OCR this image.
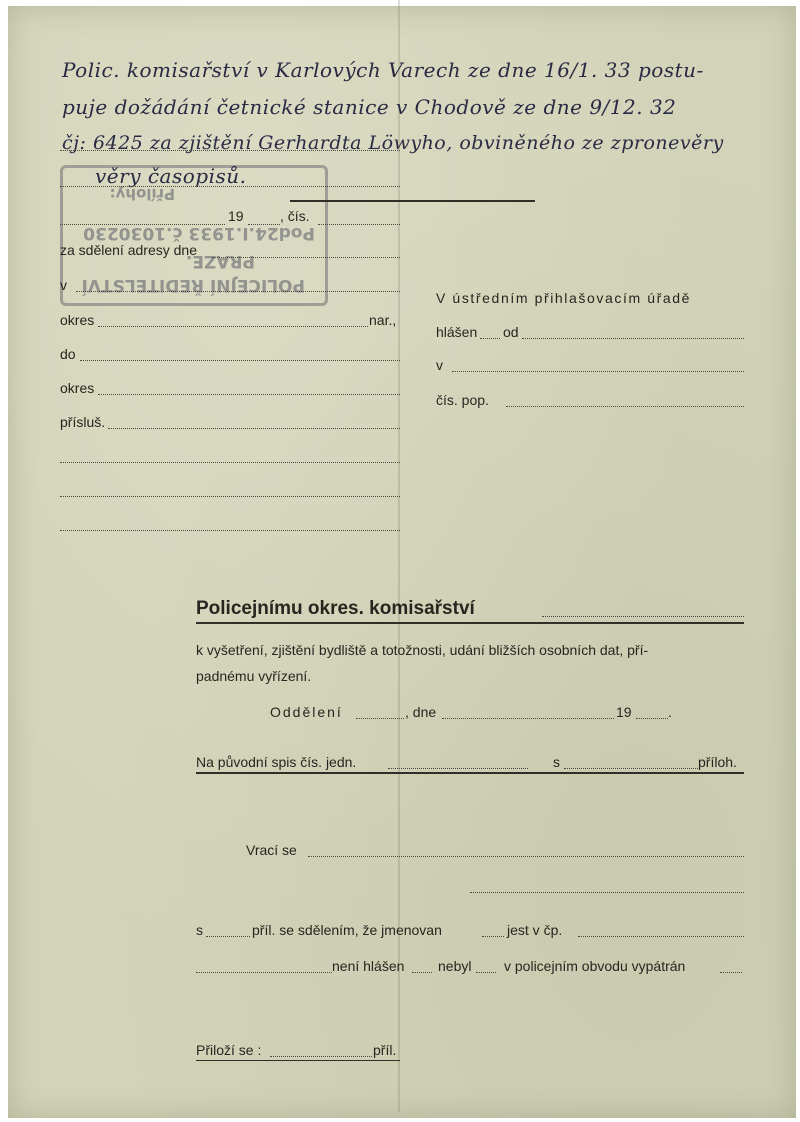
POLICEJNÍ ŘEDITELSTVÍ
PRAZE.
Pod24.I.1933 č.1030230
Přílohy:
Polic. komisařství v Karlových Varech ze dne 16/1. 33 postu-
puje dožádání četnické stanice v Chodově ze dne 9/12. 32
čj: 6425 za zjištění Gerhardta Löwyho, obviněného ze zpronevěry
věry časopisů.
19	, čís.
za sdělení adresy dne
v
okres	nar.,
do
okres
přísluš.
V ústředním přihlašovacím úřadě
hlášen od
v
čís. pop.
Policejnímu okres. komisařství
k vyšetření, zjištění bydliště a totožnosti, udání bližších osobních dat, pří-
padnému vyřízení.
Oddělení	, dne	19	.
Na původní spis čís. jedn.	s	příloh.
Vrací se
s	příl. se sdělením, že jmenovan	jest v čp.
není hlášen nebyl v policejním obvodu vypátrán
Přiloží se :	příl.
